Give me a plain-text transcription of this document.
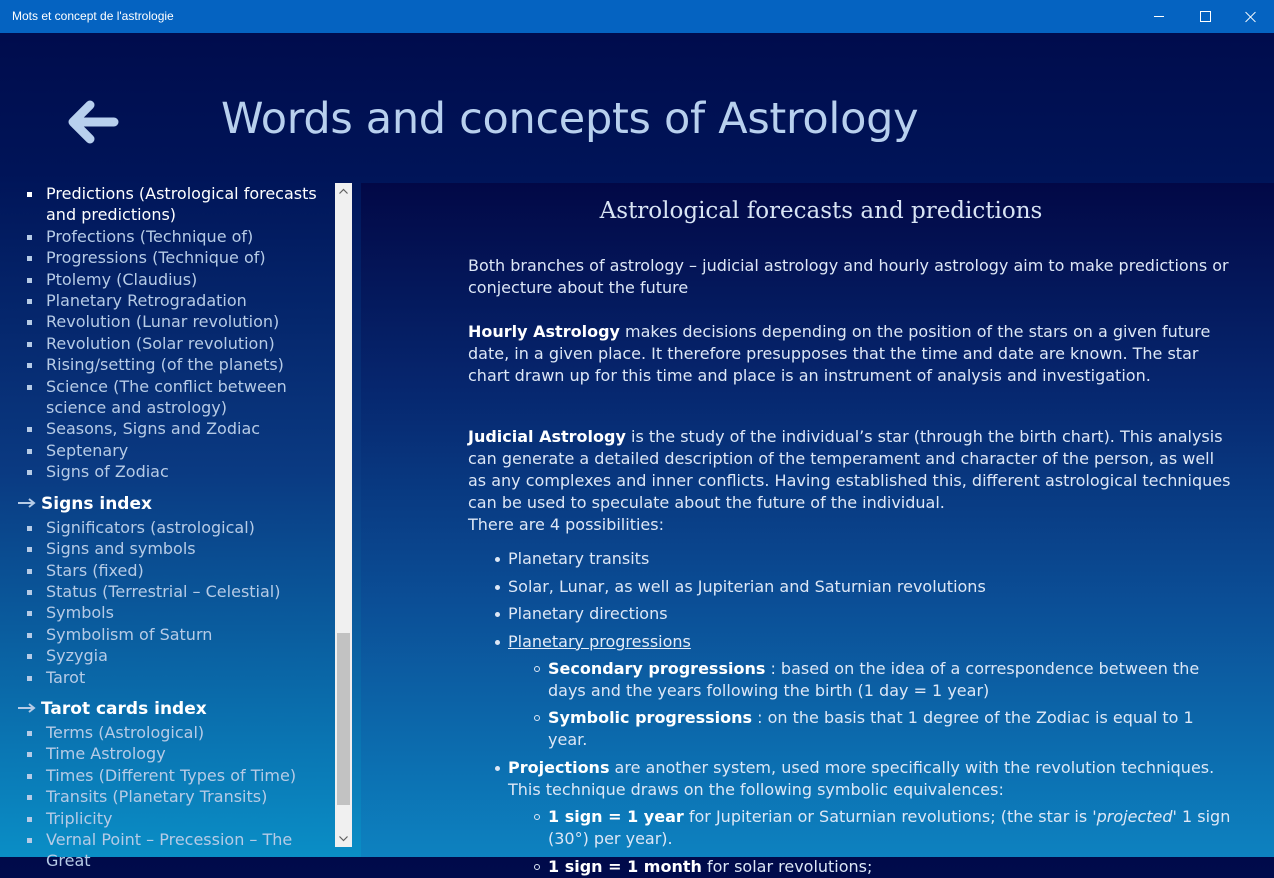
Mots et concept de l'astrologie
Words and concepts of Astrology
Predictions (Astrological forecasts and predictions)
Profections (Technique of)
Progressions (Technique of)
Ptolemy (Claudius)
Planetary Retrogradation
Revolution (Lunar revolution)
Revolution (Solar revolution)
Rising/setting (of the planets)
Science (The conflict between science and astrology)
Seasons, Signs and Zodiac
Septenary
Signs of Zodiac
Signs index
Significators (astrological)
Signs and symbols
Stars (fixed)
Status (Terrestrial – Celestial)
Symbols
Symbolism of Saturn
Syzygia
Tarot
Tarot cards index
Terms (Astrological)
Time Astrology
Times (Different Types of Time)
Transits (Planetary Transits)
Triplicity
Vernal Point – Precession – The Great
Astrological forecasts and predictions

Both branches of astrology – judicial astrology and hourly astrology aim to make predictions or conjecture about the future

Hourly Astrology makes decisions depending on the position of the stars on a given future date, in a given place. It therefore presupposes that the time and date are known. The star chart drawn up for this time and place is an instrument of analysis and investigation.

Judicial Astrology is the study of the individual’s star (through the birth chart). This analysis can generate a detailed description of the temperament and character of the person, as well as any complexes and inner conflicts. Having established this, different astrological techniques can be used to speculate about the future of the individual.
There are 4 possibilities:

Planetary transits
Solar, Lunar, as well as Jupiterian and Saturnian revolutions
Planetary directions
Planetary progressions
Secondary progressions : based on the idea of a correspondence between the days and the years following the birth (1 day = 1 year)
Symbolic progressions : on the basis that 1 degree of the Zodiac is equal to 1 year.
Projections are another system, used more specifically with the revolution techniques. This technique draws on the following symbolic equivalences:
1 sign = 1 year for Jupiterian or Saturnian revolutions; (the star is 'projected' 1 sign (30°) per year).
1 sign = 1 month for solar revolutions;
